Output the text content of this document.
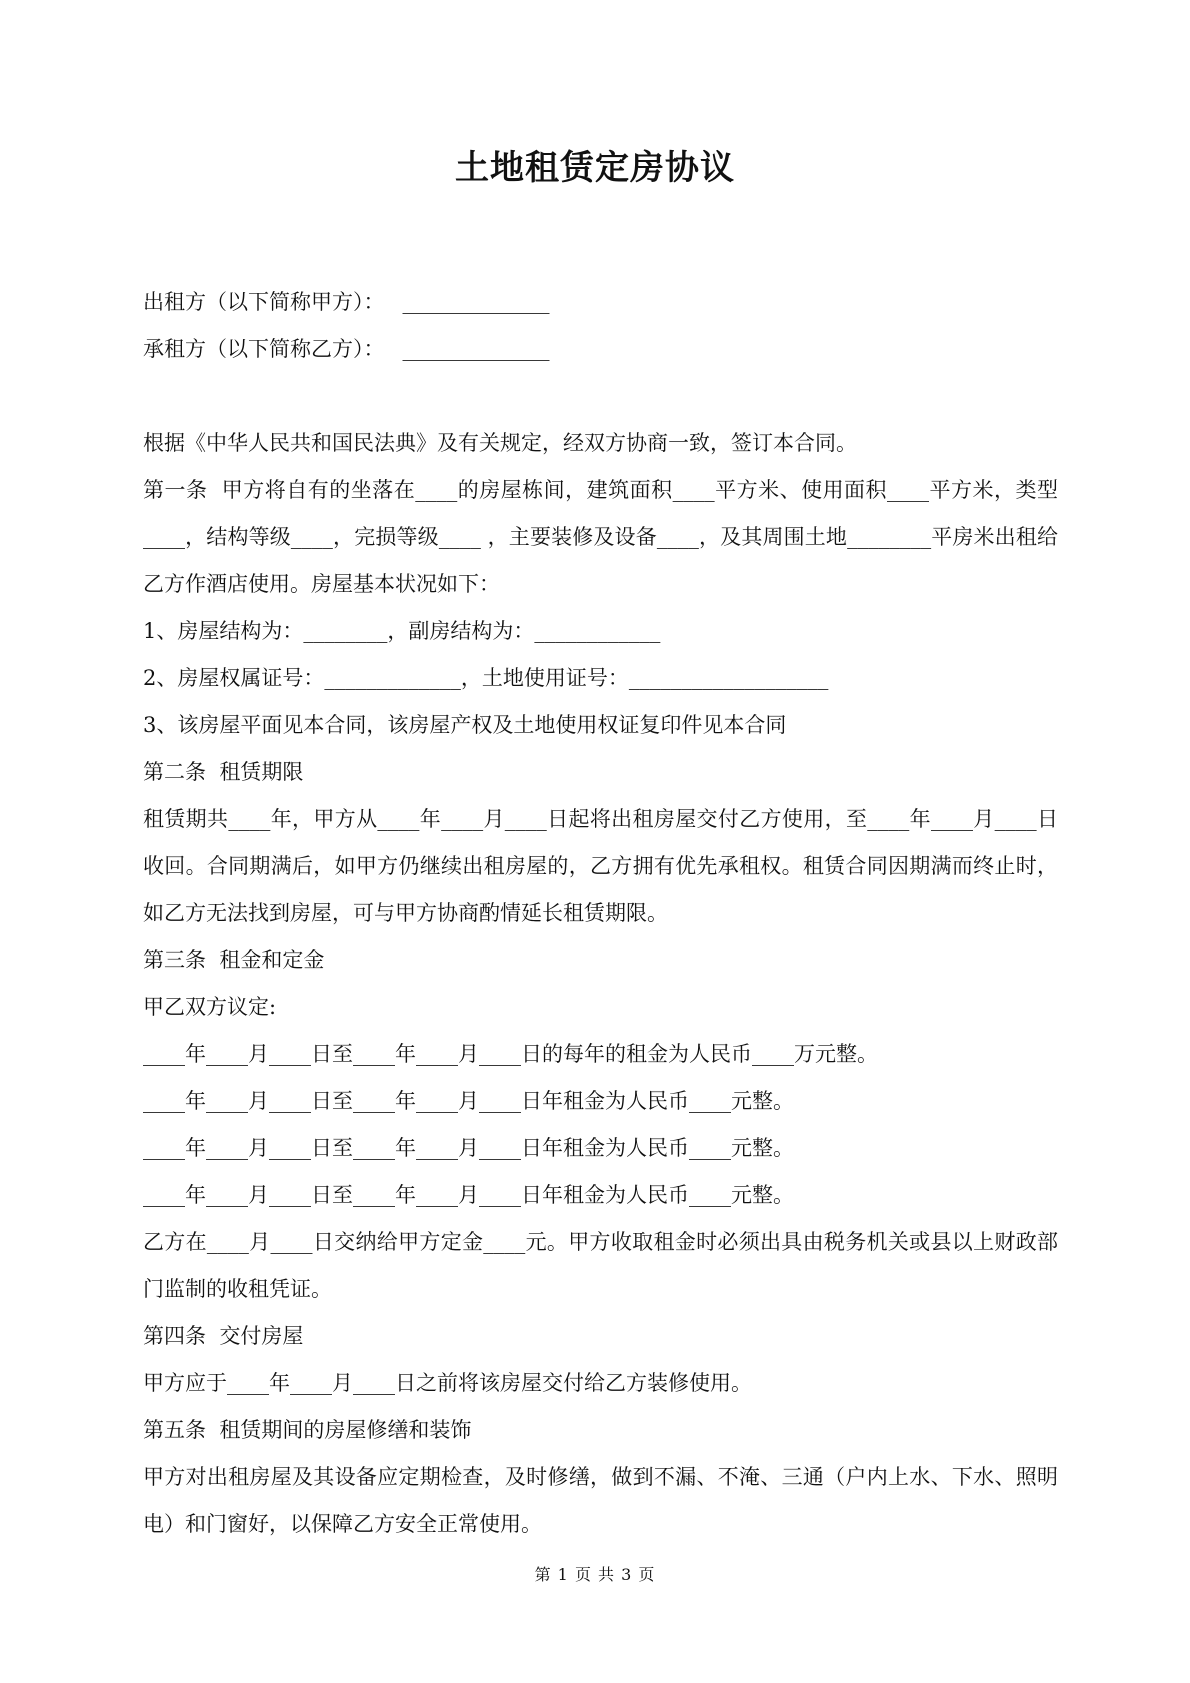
土地租赁定房协议
出租方（以下简称甲方）： ______________
承租方（以下简称乙方）： ______________

根据《中华人民共和国民法典》及有关规定，经双方协商一致，签订本合同。

第一条  甲方将自有的坐落在____的房屋栋间，建筑面积____平方米、使用面积____平方米，类型____，结构等级____，完损等级____ ，主要装修及设备____，及其周围土地________平房米出租给乙方作酒店使用。房屋基本状况如下：

1、房屋结构为：________，副房结构为：____________

2、房屋权属证号：_____________，土地使用证号：___________________

3、该房屋平面见本合同，该房屋产权及土地使用权证复印件见本合同

第二条  租赁期限

租赁期共____年，甲方从____年____月____日起将出租房屋交付乙方使用，至____年____月____日收回。合同期满后，如甲方仍继续出租房屋的，乙方拥有优先承租权。租赁合同因期满而终止时，如乙方无法找到房屋，可与甲方协商酌情延长租赁期限。

第三条  租金和定金

甲乙双方议定:

____年____月____日至____年____月____日的每年的租金为人民币____万元整。

____年____月____日至____年____月____日年租金为人民币____元整。

____年____月____日至____年____月____日年租金为人民币____元整。

____年____月____日至____年____月____日年租金为人民币____元整。

乙方在____月____日交纳给甲方定金____元。甲方收取租金时必须出具由税务机关或县以上财政部门监制的收租凭证。

第四条  交付房屋

甲方应于____年____月____日之前将该房屋交付给乙方装修使用。

第五条  租赁期间的房屋修缮和装饰

甲方对出租房屋及其设备应定期检查，及时修缮，做到不漏、不淹、三通（户内上水、下水、照明电）和门窗好，以保障乙方安全正常使用。

第 1 页 共 3 页
